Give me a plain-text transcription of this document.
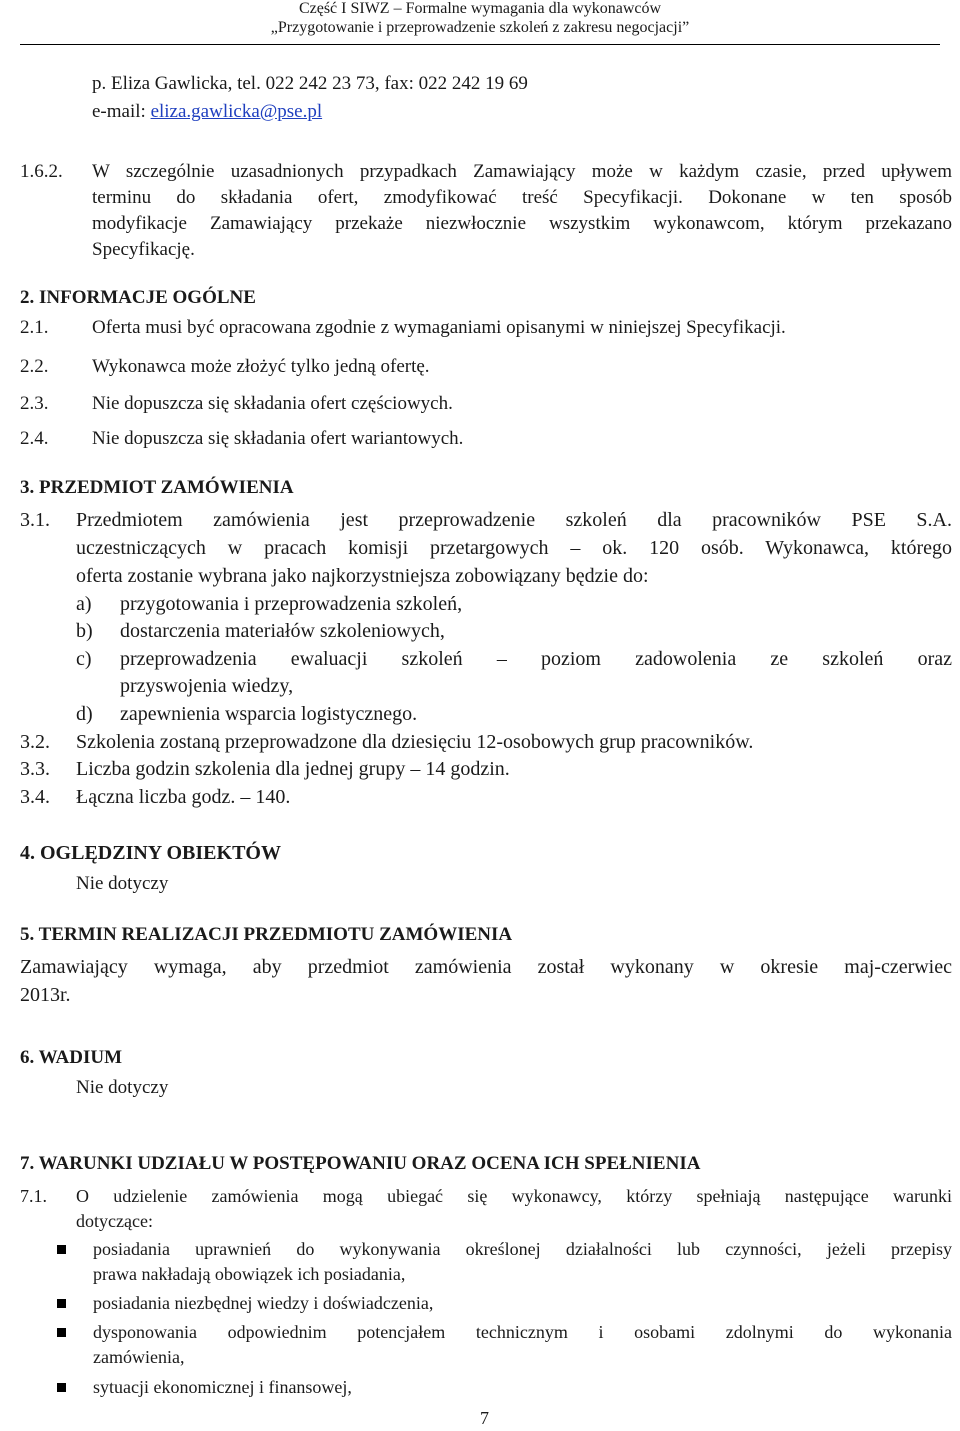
Część I SIWZ – Formalne wymagania dla wykonawców
„Przygotowanie i przeprowadzenie szkoleń z zakresu negocjacji”
p. Eliza Gawlicka, tel. 022 242 23 73, fax: 022 242 19 69
e-mail: eliza.gawlicka@pse.pl
1.6.2. W szczególnie uzasadnionych przypadkach Zamawiający może w każdym czasie, przed upływem
terminu do składania ofert, zmodyfikować treść Specyfikacji. Dokonane w ten sposób
modyfikacje Zamawiający przekaże niezwłocznie wszystkim wykonawcom, którym przekazano
Specyfikację.
2. INFORMACJE OGÓLNE
2.1. Oferta musi być opracowana zgodnie z wymaganiami opisanymi w niniejszej Specyfikacji.
2.2. Wykonawca może złożyć tylko jedną ofertę.
2.3. Nie dopuszcza się składania ofert częściowych.
2.4. Nie dopuszcza się składania ofert wariantowych.
3. PRZEDMIOT ZAMÓWIENIA
3.1. Przedmiotem zamówienia jest przeprowadzenie szkoleń dla pracowników PSE S.A.
uczestniczących w pracach komisji przetargowych – ok. 120 osób. Wykonawca, którego
oferta zostanie wybrana jako najkorzystniejsza zobowiązany będzie do:
a) przygotowania i przeprowadzenia szkoleń,
b) dostarczenia materiałów szkoleniowych,
c) przeprowadzenia ewaluacji szkoleń – poziom zadowolenia ze szkoleń oraz
przyswojenia wiedzy,
d) zapewnienia wsparcia logistycznego.
3.2. Szkolenia zostaną przeprowadzone dla dziesięciu 12-osobowych grup pracowników.
3.3. Liczba godzin szkolenia dla jednej grupy – 14 godzin.
3.4. Łączna liczba godz. – 140.
4. OGLĘDZINY OBIEKTÓW
Nie dotyczy
5. TERMIN REALIZACJI PRZEDMIOTU ZAMÓWIENIA
Zamawiający wymaga, aby przedmiot zamówienia został wykonany w okresie maj-czerwiec
2013r.
6. WADIUM
Nie dotyczy
7. WARUNKI UDZIAŁU W POSTĘPOWANIU ORAZ OCENA ICH SPEŁNIENIA
7.1. O udzielenie zamówienia mogą ubiegać się wykonawcy, którzy spełniają następujące warunki
dotyczące:
posiadania uprawnień do wykonywania określonej działalności lub czynności, jeżeli przepisy
prawa nakładają obowiązek ich posiadania,
posiadania niezbędnej wiedzy i doświadczenia,
dysponowania odpowiednim potencjałem technicznym i osobami zdolnymi do wykonania
zamówienia,
sytuacji ekonomicznej i finansowej,
7
